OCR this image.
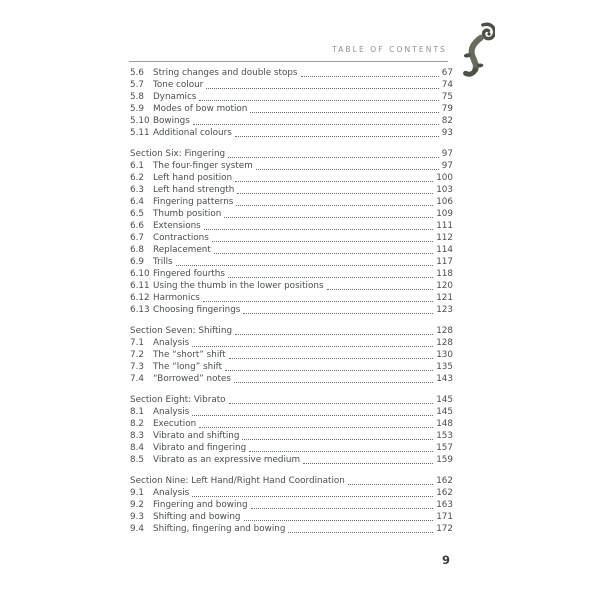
TABLE OF CONTENTS
5.6	String changes and double stops	67
5.7	Tone colour	74
5.8	Dynamics	75
5.9	Modes of bow motion	79
5.10 Bowings	82
5.11 Additional colours	93
Section Six: Fingering	97
6.1	The four-finger system	97
6.2	Left hand position	100
6.3	Left hand strength	103
6.4	Fingering patterns	106
6.5	Thumb position	109
6.6	Extensions	111
6.7	Contractions	112
6.8	Replacement	114
6.9	Trills	117
6.10 Fingered fourths	118
6.11 Using the thumb in the lower positions	120
6.12 Harmonics	121
6.13 Choosing fingerings	123
Section Seven: Shifting	128
7.1	Analysis	128
7.2	The “short” shift	130
7.3	The “long” shift	135
7.4	“Borrowed” notes	143
Section Eight: Vibrato	145
8.1	Analysis	145
8.2	Execution	148
8.3	Vibrato and shifting	153
8.4	Vibrato and fingering	157
8.5	Vibrato as an expressive medium	159
Section Nine: Left Hand/Right Hand Coordination	162
9.1	Analysis	162
9.2	Fingering and bowing	163
9.3	Shifting and bowing	171
9.4	Shifting, fingering and bowing	172
9
